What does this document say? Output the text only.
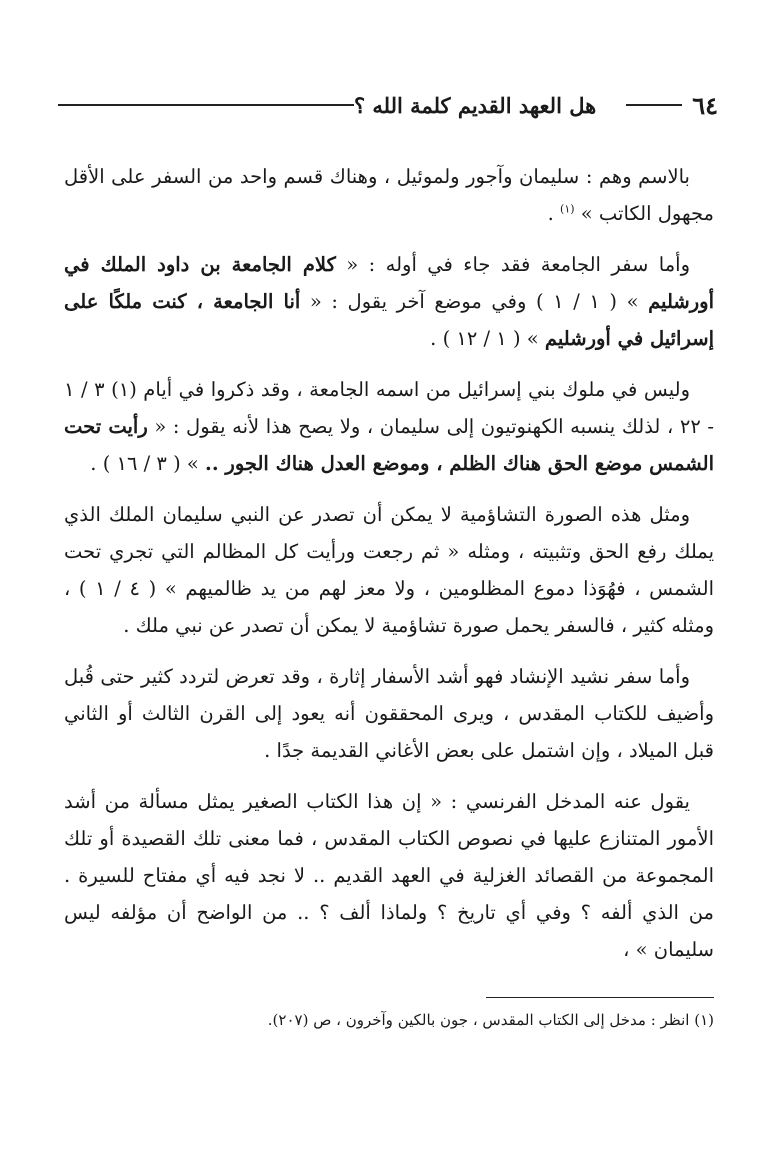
٦٤
هل العهد القديم كلمة الله ؟

بالاسم وهم : سليمان وآجور ولموئيل ، وهناك قسم واحد من السفر على الأقل مجهول الكاتب » $^{(١)}$ .

وأما سفر الجامعة فقد جاء في أوله : « كلام الجامعة بن داود الملك في أورشليم » ( ١ / ١ ) وفي موضع آخر يقول : « أنا الجامعة ، كنت ملكًا على إسرائيل في أورشليم » ( ١ / ١٢ ) .

وليس في ملوك بني إسرائيل من اسمه الجامعة ، وقد ذكروا في أيام (١) ٣ / ١ - ٢٢ ، لذلك ينسبه الكهنوتيون إلى سليمان ، ولا يصح هذا لأنه يقول : « رأيت تحت الشمس موضع الحق هناك الظلم ، وموضع العدل هناك الجور .. » ( ٣ / ١٦ ) .

ومثل هذه الصورة التشاؤمية لا يمكن أن تصدر عن النبي سليمان الملك الذي يملك رفع الحق وتثبيته ، ومثله « ثم رجعت ورأيت كل المظالم التي تجري تحت الشمس ، فهُوَذا دموع المظلومين ، ولا معز لهم من يد ظالميهم » ( ٤ / ١ ) ، ومثله كثير ، فالسفر يحمل صورة تشاؤمية لا يمكن أن تصدر عن نبي ملك .

وأما سفر نشيد الإنشاد فهو أشد الأسفار إثارة ، وقد تعرض لتردد كثير حتى قُبل وأضيف للكتاب المقدس ، ويرى المحققون أنه يعود إلى القرن الثالث أو الثاني قبل الميلاد ، وإن اشتمل على بعض الأغاني القديمة جدًا .

يقول عنه المدخل الفرنسي : « إن هذا الكتاب الصغير يمثل مسألة من أشد الأمور المتنازع عليها في نصوص الكتاب المقدس ، فما معنى تلك القصيدة أو تلك المجموعة من القصائد الغزلية في العهد القديم .. لا نجد فيه أي مفتاح للسيرة . من الذي ألفه ؟ وفي أي تاريخ ؟ ولماذا ألف ؟ .. من الواضح أن مؤلفه ليس سليمان » ،

(١) انظر : مدخل إلى الكتاب المقدس ، جون بالكين وآخرون ، ص (٢٠٧).
